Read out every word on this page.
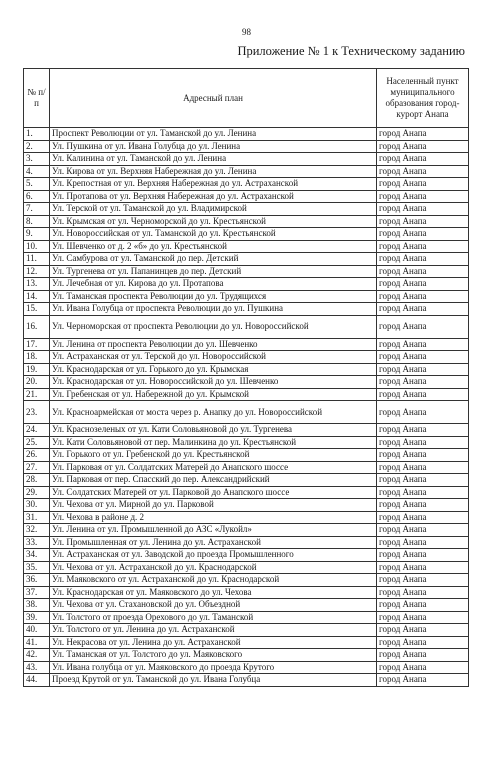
98
Приложение № 1 к Техническому заданию
№ п/п	Адресный план	Населенный пункт муниципального образования город-курорт Анапа
1.	Проспект Революции от ул. Таманской до ул. Ленина	город Анапа
2.	Ул. Пушкина от ул. Ивана Голубца до ул. Ленина	город Анапа
3.	Ул. Калинина от ул. Таманской до ул. Ленина	город Анапа
4.	Ул. Кирова от ул. Верхняя Набережная до ул. Ленина	город Анапа
5.	Ул. Крепостная от ул. Верхняя Набережная до ул. Астраханской	город Анапа
6.	Ул. Протапова от ул. Верхняя Набережная до ул. Астраханской	город Анапа
7.	Ул. Терской от ул. Таманской до ул. Владимирской	город Анапа
8.	Ул. Крымская от ул. Черноморской до ул. Крестьянской	город Анапа
9.	Ул. Новороссийская от ул. Таманской до ул. Крестьянской	город Анапа
10.	Ул. Шевченко от д. 2 «б» до ул. Крестьянской	город Анапа
11.	Ул. Самбурова от ул. Таманской до пер. Детский	город Анапа
12.	Ул. Тургенева от ул. Папанинцев до пер. Детский	город Анапа
13.	Ул. Лечебная от ул. Кирова до ул. Протапова	город Анапа
14.	Ул. Таманская проспекта Революции до ул. Трудящихся	город Анапа
15.	Ул. Ивана Голубца от проспекта Революции до ул. Пушкина	город Анапа
16.	Ул. Черноморская от проспекта Революции до ул. Новороссийской	город Анапа
17.	Ул. Ленина от проспекта Революции до ул. Шевченко	город Анапа
18.	Ул. Астраханская от ул. Терской до ул. Новороссийской	город Анапа
19.	Ул. Краснодарская от ул. Горького до ул. Крымская	город Анапа
20.	Ул. Краснодарская от ул. Новороссийской до ул. Шевченко	город Анапа
21.	Ул. Гребенская от ул. Набережной до ул. Крымской	город Анапа
23.	Ул. Красноармейская от моста через р. Анапку до ул. Новороссийской	город Анапа
24.	Ул. Краснозеленых от ул. Кати Соловьяновой до ул. Тургенева	город Анапа
25.	Ул. Кати Соловьяновой от пер. Малинкина до ул. Крестьянской	город Анапа
26.	Ул. Горького от ул. Гребенской до ул. Крестьянской	город Анапа
27.	Ул. Парковая от ул. Солдатских Матерей до Анапского шоссе	город Анапа
28.	Ул. Парковая от пер. Спасский до пер. Александрийский	город Анапа
29.	Ул. Солдатских Матерей от ул. Парковой до Анапского шоссе	город Анапа
30.	Ул. Чехова от ул. Мирной до ул. Парковой	город Анапа
31.	Ул. Чехова в районе д. 2	город Анапа
32.	Ул. Ленина от ул. Промышленной до АЗС «Лукойл»	город Анапа
33.	Ул. Промышленная от ул. Ленина до ул. Астраханской	город Анапа
34.	Ул. Астраханская от ул. Заводской до проезда Промышленного	город Анапа
35.	Ул. Чехова от ул. Астраханской до ул. Краснодарской	город Анапа
36.	Ул. Маяковского от ул. Астраханской до ул. Краснодарской	город Анапа
37.	Ул. Краснодарская от ул. Маяковского до ул. Чехова	город Анапа
38.	Ул. Чехова от ул. Стахановской до ул. Объездной	город Анапа
39.	Ул. Толстого от проезда Орехового до ул. Таманской	город Анапа
40.	Ул. Толстого от ул. Ленина до ул. Астраханской	город Анапа
41.	Ул. Некрасова от ул. Ленина до ул. Астраханской	город Анапа
42.	Ул. Таманская от ул. Толстого до ул. Маяковского	город Анапа
43.	Ул. Ивана голубца от ул. Маяковского до проезда Крутого	город Анапа
44.	Проезд Крутой от ул. Таманской до ул. Ивана Голубца	город Анапа
